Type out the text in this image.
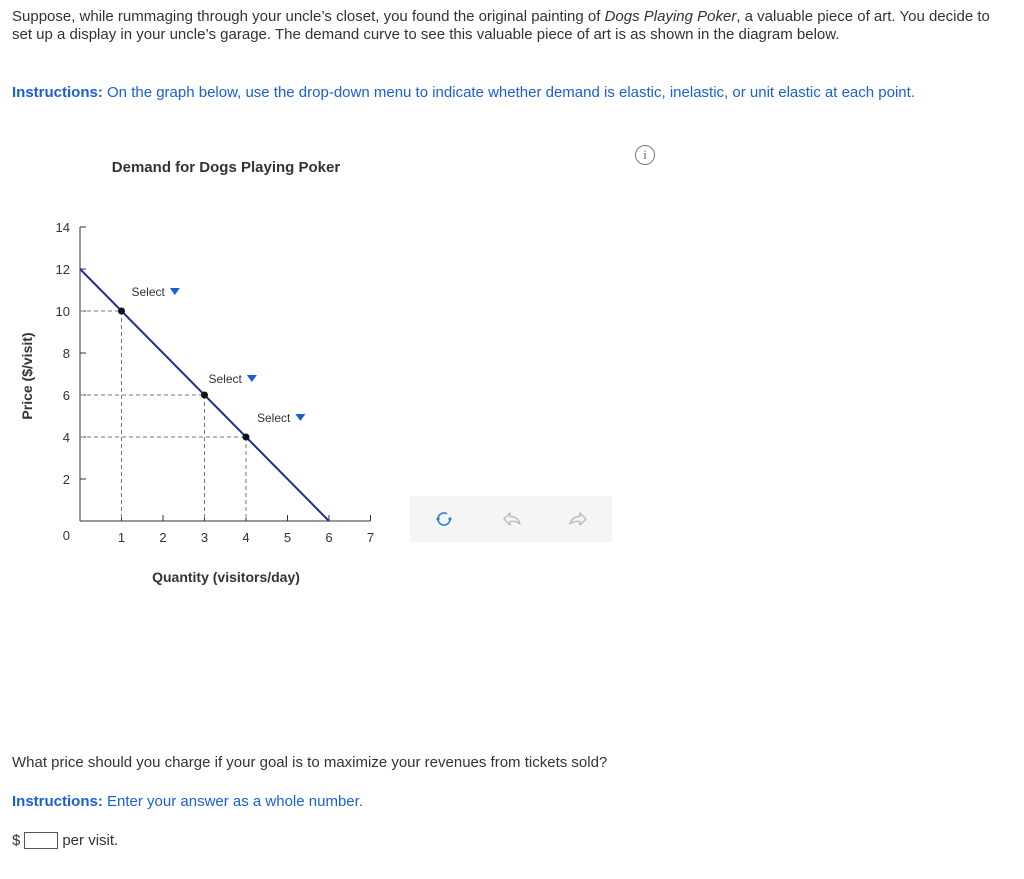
Suppose, while rummaging through your uncle’s closet, you found the original painting of Dogs Playing Poker, a valuable piece of art. You decide to set up a display in your uncle’s garage. The demand curve to see this valuable piece of art is as shown in the diagram below.

Instructions: On the graph below, use the drop-down menu to indicate whether demand is elastic, inelastic, or unit elastic at each point.

i
Demand for Dogs Playing Poker
Price ($/visit)
Quantity (visitors/day)
2
4
6
8
10
12
14
0	1	2	3	4	5	6	7
Select
Select
Select

What price should you charge if your goal is to maximize your revenues from tickets sold?

Instructions: Enter your answer as a whole number.

$	per visit.
